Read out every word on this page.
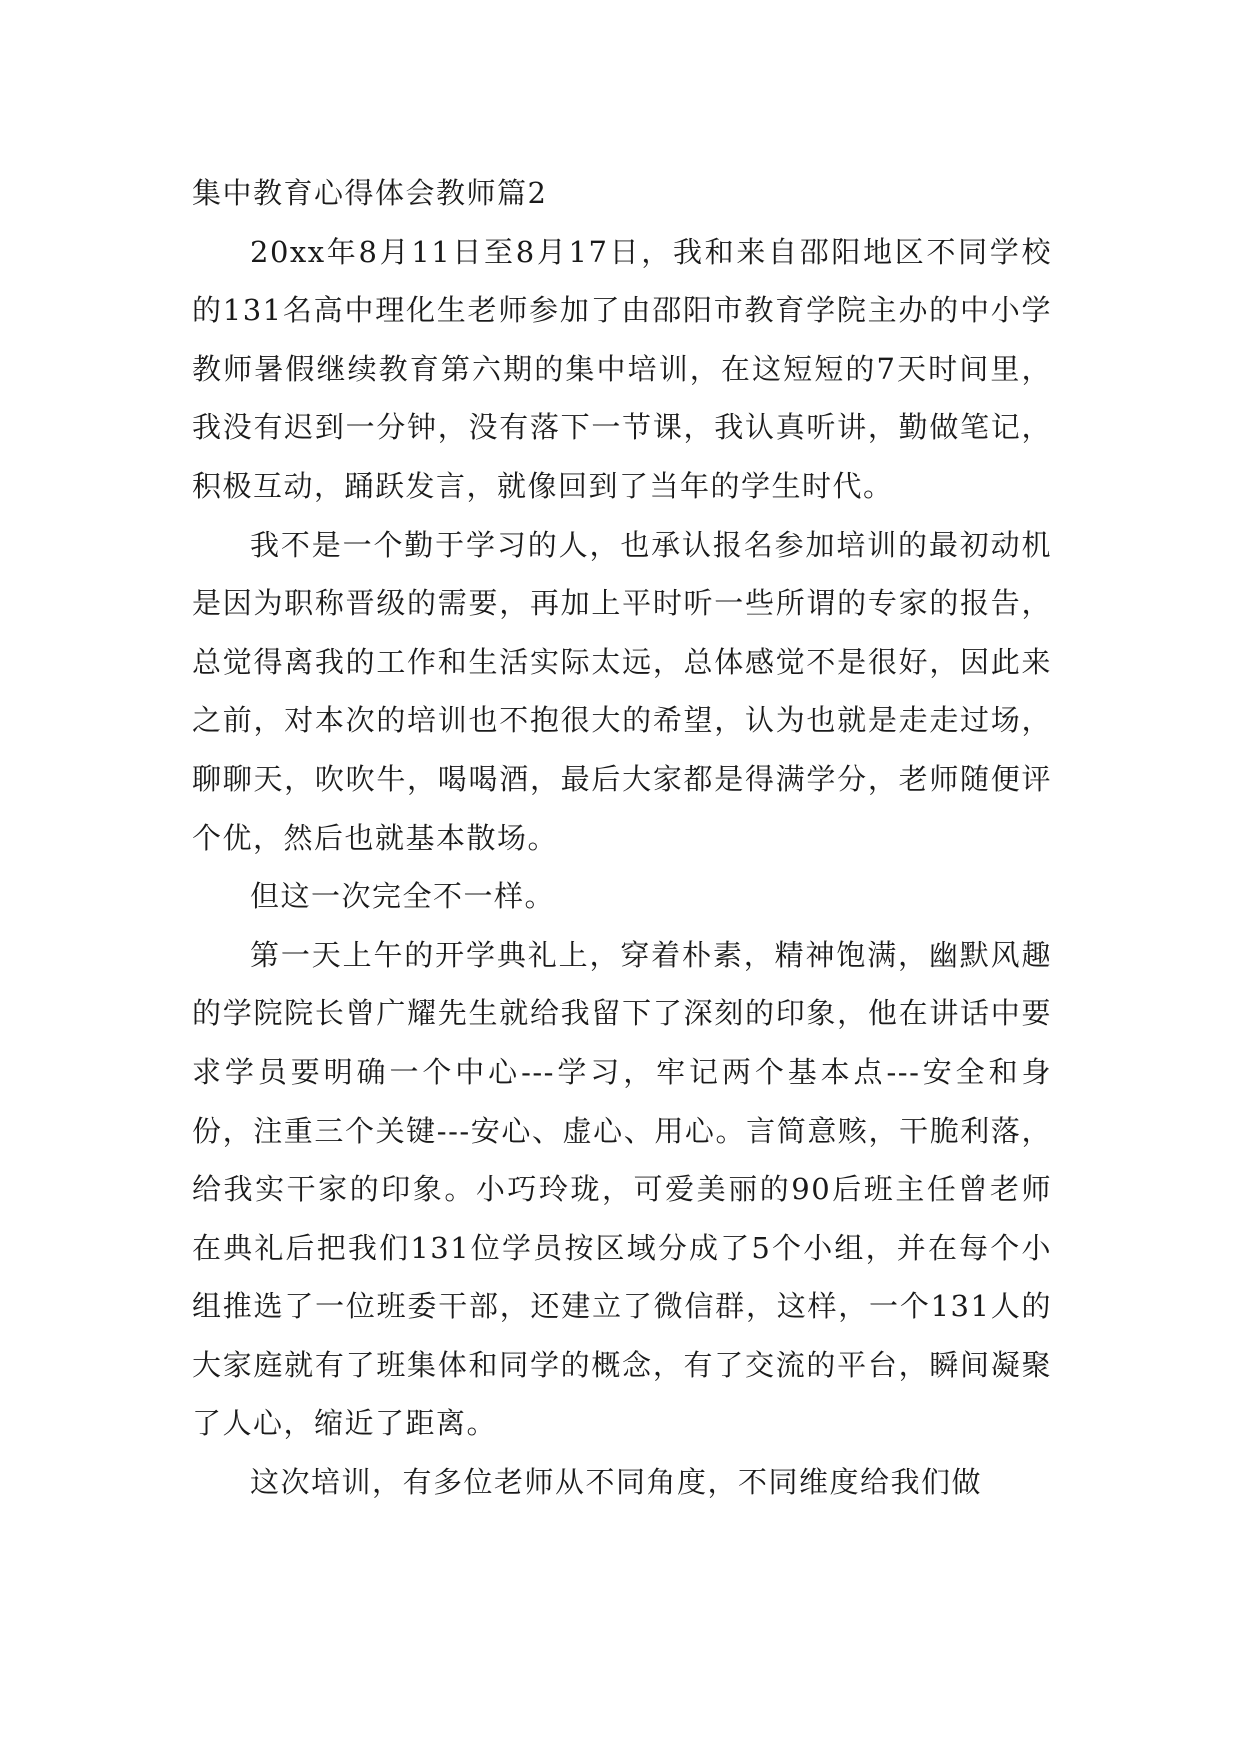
集中教育心得体会教师篇2

20xx年8月11日至8月17日，我和来自邵阳地区不同学校的131名高中理化生老师参加了由邵阳市教育学院主办的中小学教师暑假继续教育第六期的集中培训，在这短短的7天时间里，我没有迟到一分钟，没有落下一节课，我认真听讲，勤做笔记，积极互动，踊跃发言，就像回到了当年的学生时代。

我不是一个勤于学习的人，也承认报名参加培训的最初动机是因为职称晋级的需要，再加上平时听一些所谓的专家的报告，总觉得离我的工作和生活实际太远，总体感觉不是很好，因此来之前，对本次的培训也不抱很大的希望，认为也就是走走过场，聊聊天，吹吹牛，喝喝酒，最后大家都是得满学分，老师随便评个优，然后也就基本散场。

但这一次完全不一样。

第一天上午的开学典礼上，穿着朴素，精神饱满，幽默风趣的学院院长曾广耀先生就给我留下了深刻的印象，他在讲话中要求学员要明确一个中心---学习，牢记两个基本点---安全和身份，注重三个关键---安心、虚心、用心。言简意赅，干脆利落，给我实干家的印象。小巧玲珑，可爱美丽的90后班主任曾老师在典礼后把我们131位学员按区域分成了5个小组，并在每个小组推选了一位班委干部，还建立了微信群，这样，一个131人的大家庭就有了班集体和同学的概念，有了交流的平台，瞬间凝聚了人心，缩近了距离。

这次培训，有多位老师从不同角度，不同维度给我们做
